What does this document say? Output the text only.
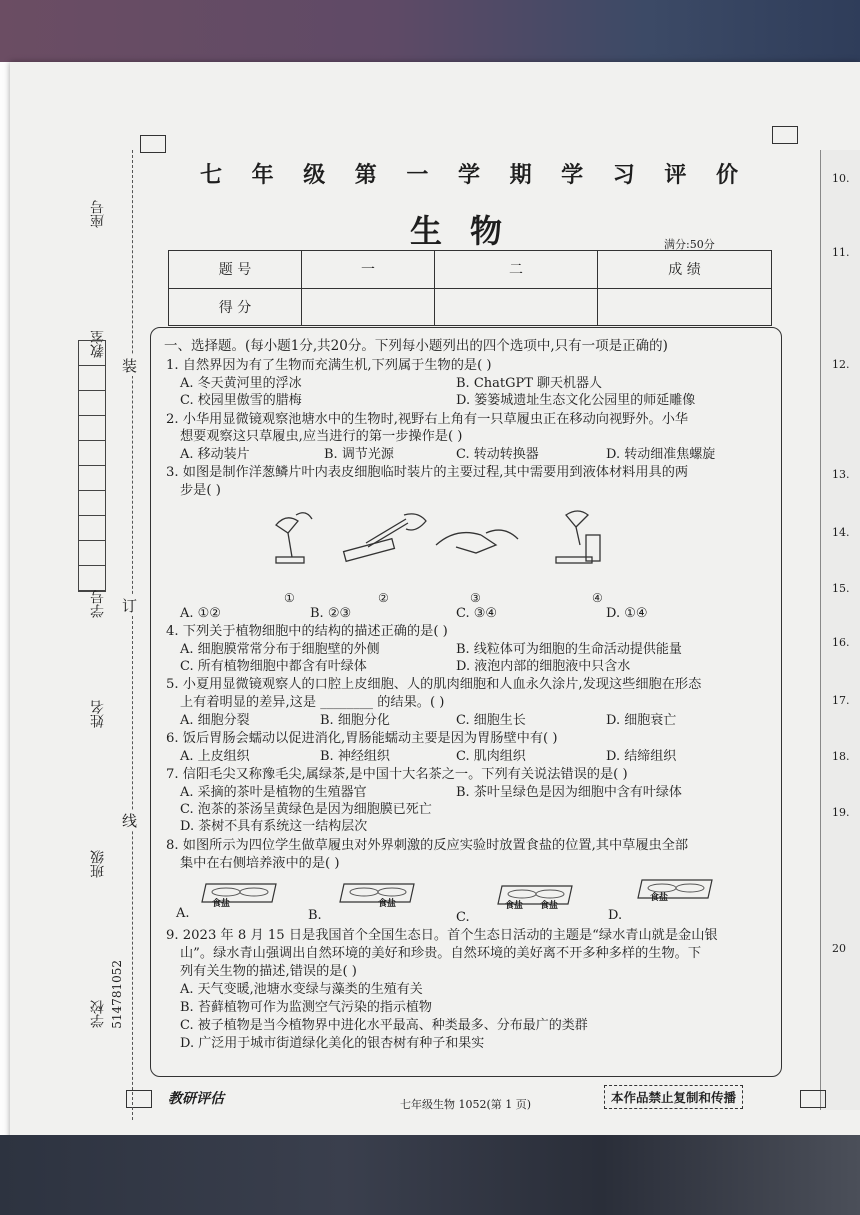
座号
教室
学号
姓名
班级
学校 514781052
装
订
线
七 年 级 第 一 学 期 学 习 评 价
生物	满分:50分
题 号	一	二	成 绩
得 分			
一、选择题。(每小题1分,共20分。下列每小题列出的四个选项中,只有一项是正确的)
1. 自然界因为有了生物而充满生机,下列属于生物的是( )
A. 冬天黄河里的浮冰	B. ChatGPT 聊天机器人
C. 校园里傲雪的腊梅	D. 篓篓城遗址生态文化公园里的师延雕像
2. 小华用显微镜观察池塘水中的生物时,视野右上角有一只草履虫正在移动向视野外。小华
想要观察这只草履虫,应当进行的第一步操作是( )
A. 移动装片	B. 调节光源	C. 转动转换器	D. 转动细准焦螺旋
3. 如图是制作洋葱鳞片叶内表皮细胞临时装片的主要过程,其中需要用到液体材料用具的两
步是( )
①	②	③	④
A. ①②	B. ②③	C. ③④	D. ①④
4. 下列关于植物细胞中的结构的描述正确的是( )
A. 细胞膜常常分布于细胞壁的外侧	B. 线粒体可为细胞的生命活动提供能量
C. 所有植物细胞中都含有叶绿体	D. 液泡内部的细胞液中只含水
5. 小夏用显微镜观察人的口腔上皮细胞、人的肌肉细胞和人血永久涂片,发现这些细胞在形态
上有着明显的差异,这是 ________ 的结果。( )
A. 细胞分裂	B. 细胞分化	C. 细胞生长	D. 细胞衰亡
6. 饭后胃肠会蠕动以促进消化,胃肠能蠕动主要是因为胃肠壁中有( )
A. 上皮组织	B. 神经组织	C. 肌肉组织	D. 结缔组织
7. 信阳毛尖又称豫毛尖,属绿茶,是中国十大名茶之一。下列有关说法错误的是( )
A. 采摘的茶叶是植物的生殖器官	B. 茶叶呈绿色是因为细胞中含有叶绿体
C. 泡茶的茶汤呈黄绿色是因为细胞膜已死亡
D. 茶树不具有系统这一结构层次
8. 如图所示为四位学生做草履虫对外界刺激的反应实验时放置食盐的位置,其中草履虫全部
集中在右侧培养液中的是( )
食盐	食盐	食盐 食盐
食盐
A.	B.	C.	D.
9. 2023 年 8 月 15 日是我国首个全国生态日。首个生态日活动的主题是“绿水青山就是金山银
山”。绿水青山强调出自然环境的美好和珍贵。自然环境的美好离不开多种多样的生物。下
列有关生物的描述,错误的是( )
A. 天气变暖,池塘水变绿与藻类的生殖有关
B. 苔藓植物可作为监测空气污染的指示植物
C. 被子植物是当今植物界中进化水平最高、种类最多、分布最广的类群
D. 广泛用于城市街道绿化美化的银杏树有种子和果实
10.
11.
12.
13.
14.
15.
16.
17.
18.
19.
20
教研评估	七年级生物 1052(第 1 页)	本作品禁止复制和传播
